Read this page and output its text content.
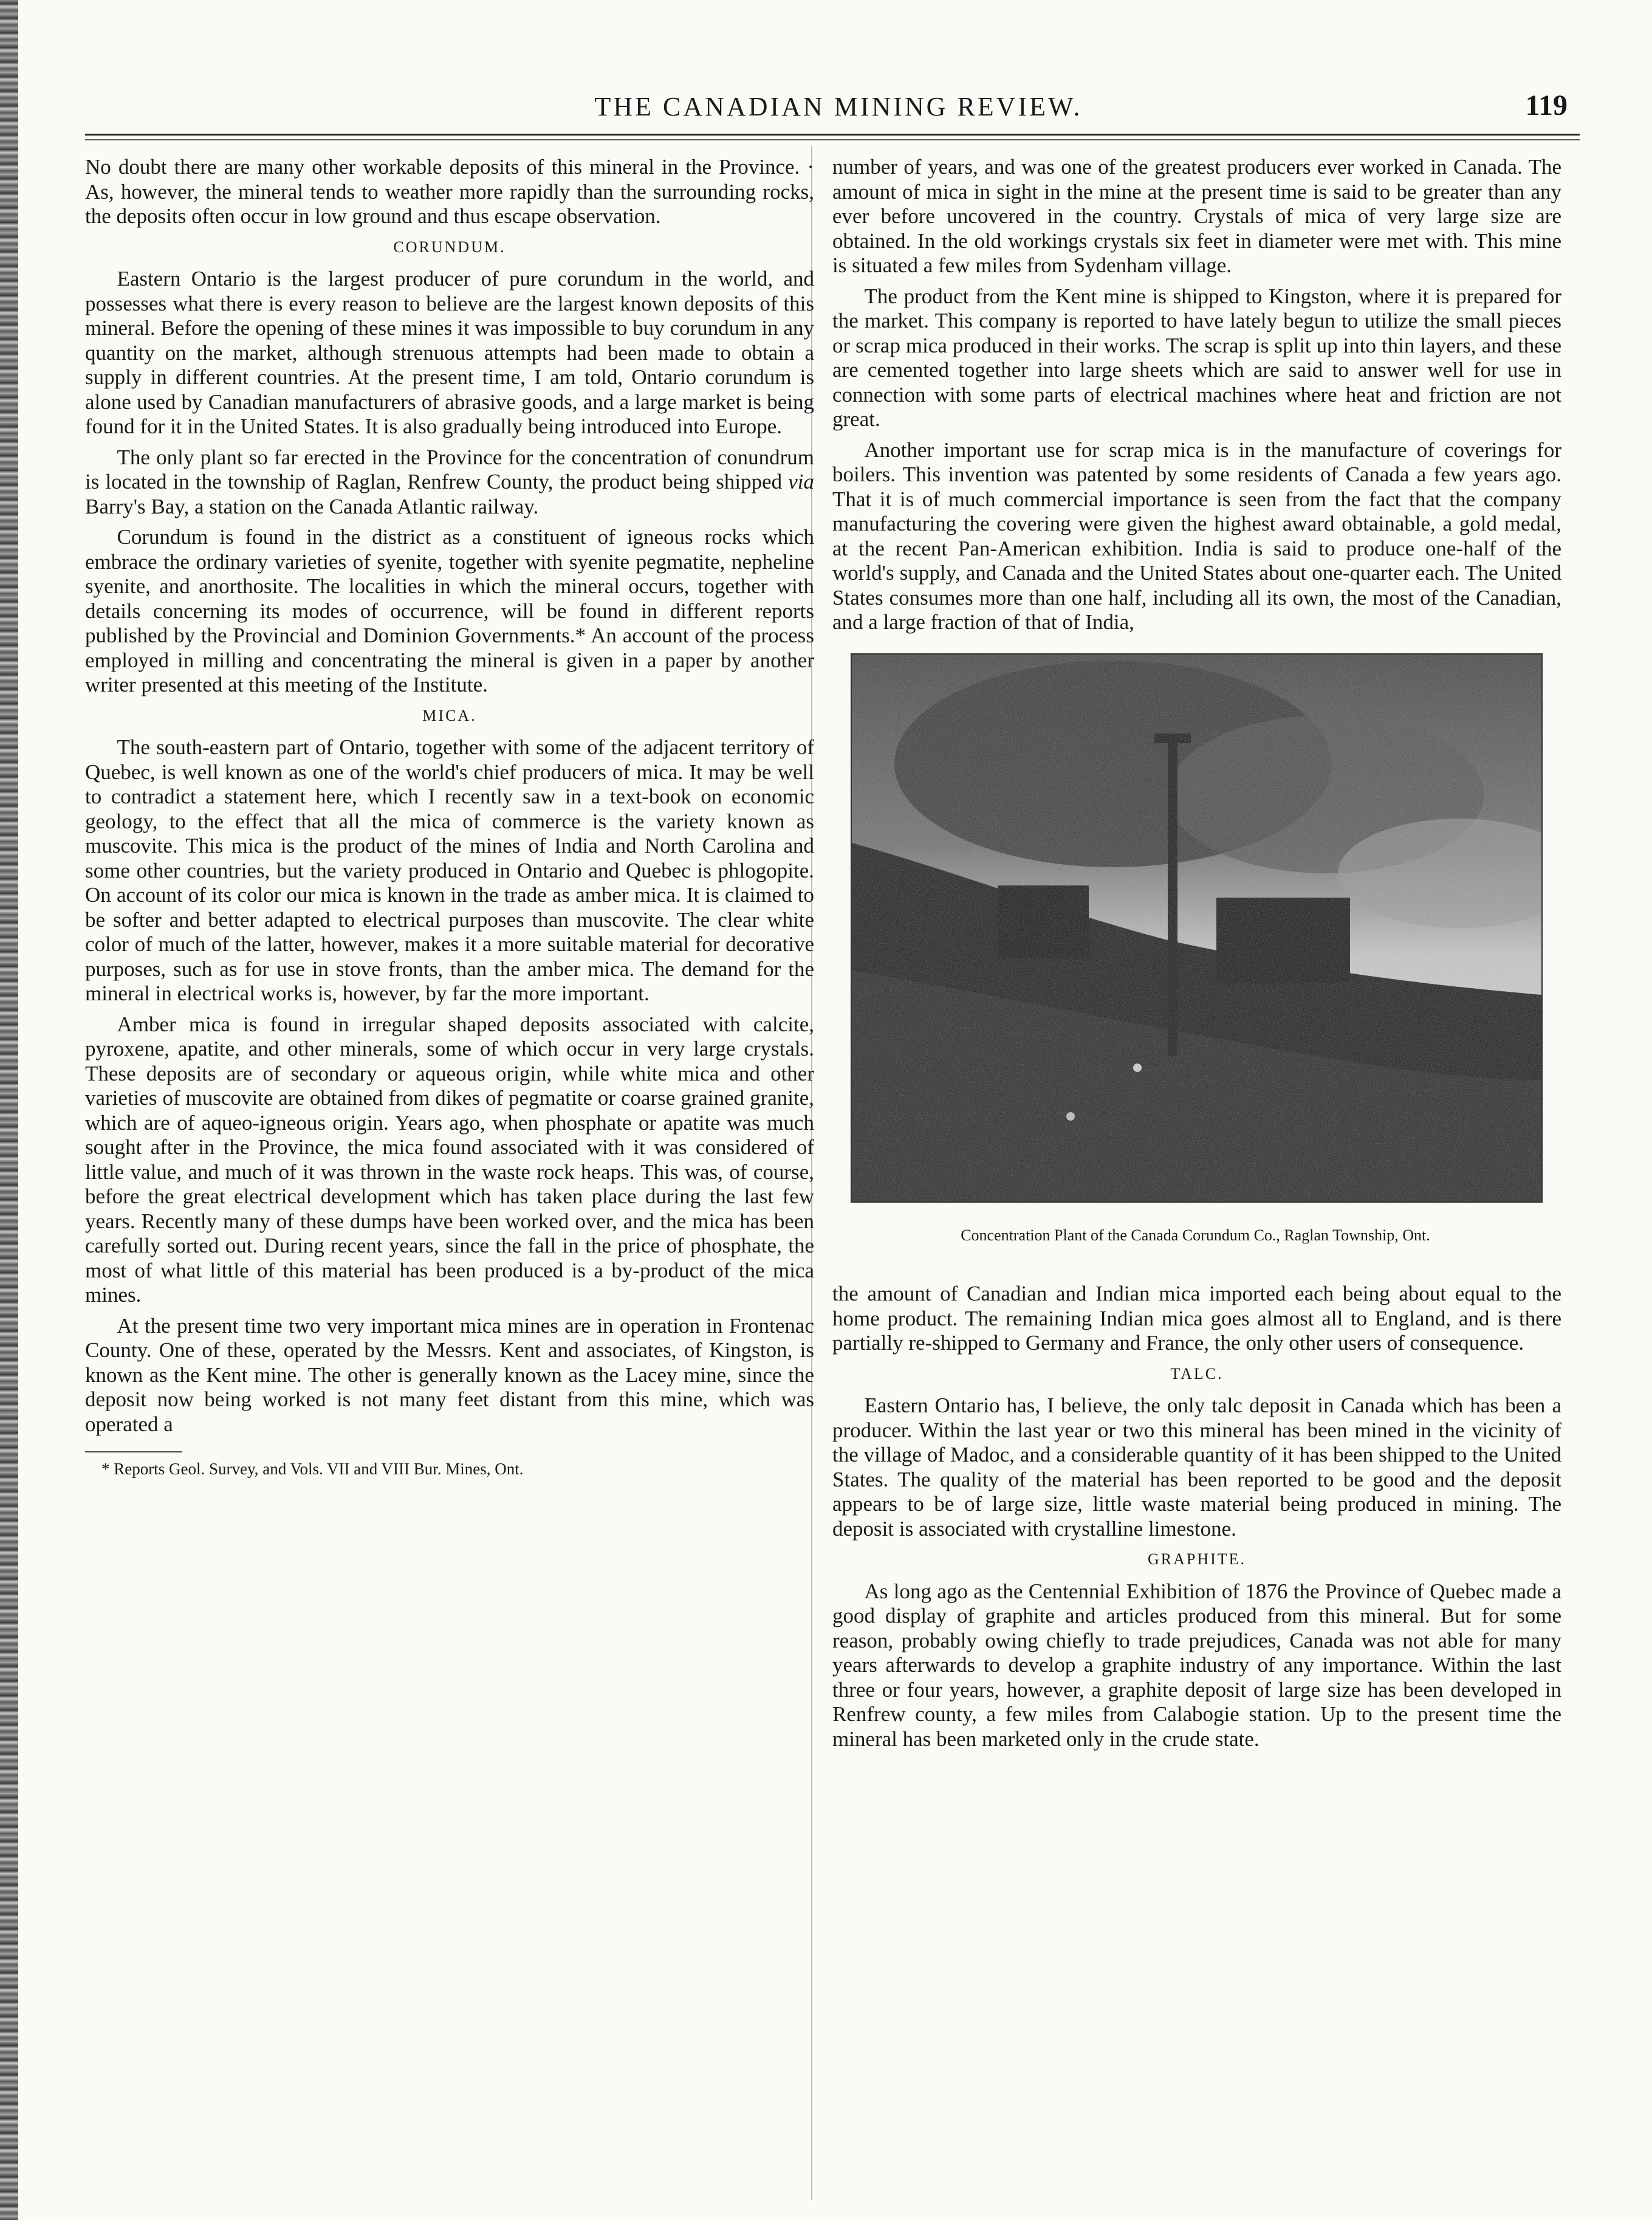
THE CANADIAN MINING REVIEW.	119

No doubt there are many other workable deposits of this mineral in the Province. · As, however, the mineral tends to weather more rapidly than the surrounding rocks, the deposits often occur in low ground and thus escape observation.

CORUNDUM.

Eastern Ontario is the largest producer of pure corundum in the world, and possesses what there is every reason to believe are the largest known deposits of this mineral. Before the opening of these mines it was impossible to buy corundum in any quantity on the market, although strenuous attempts had been made to obtain a supply in different countries. At the present time, I am told, Ontario corundum is alone used by Canadian manufacturers of abrasive goods, and a large market is being found for it in the United States. It is also gradually being introduced into Europe.

The only plant so far erected in the Province for the concentration of conundrum is located in the township of Raglan, Renfrew County, the product being shipped via Barry's Bay, a station on the Canada Atlantic railway.

Corundum is found in the district as a constituent of igneous rocks which embrace the ordinary varieties of syenite, together with syenite pegmatite, nepheline syenite, and anorthosite. The localities in which the mineral occurs, together with details concerning its modes of occurrence, will be found in different reports published by the Provincial and Dominion Governments.* An account of the process employed in milling and concentrating the mineral is given in a paper by another writer presented at this meeting of the Institute.

MICA.

The south-eastern part of Ontario, together with some of the adjacent territory of Quebec, is well known as one of the world's chief producers of mica. It may be well to contradict a statement here, which I recently saw in a text-book on economic geology, to the effect that all the mica of commerce is the variety known as muscovite. This mica is the product of the mines of India and North Carolina and some other countries, but the variety produced in Ontario and Quebec is phlogopite. On account of its color our mica is known in the trade as amber mica. It is claimed to be softer and better adapted to electrical purposes than muscovite. The clear white color of much of the latter, however, makes it a more suitable material for decorative purposes, such as for use in stove fronts, than the amber mica. The demand for the mineral in electrical works is, however, by far the more important.

Amber mica is found in irregular shaped deposits associated with calcite, pyroxene, apatite, and other minerals, some of which occur in very large crystals. These deposits are of secondary or aqueous origin, while white mica and other varieties of muscovite are obtained from dikes of pegmatite or coarse grained granite, which are of aqueo-igneous origin. Years ago, when phosphate or apatite was much sought after in the Province, the mica found associated with it was considered of little value, and much of it was thrown in the waste rock heaps. This was, of course, before the great electrical development which has taken place during the last few years. Recently many of these dumps have been worked over, and the mica has been carefully sorted out. During recent years, since the fall in the price of phosphate, the most of what little of this material has been produced is a by-product of the mica mines.

At the present time two very important mica mines are in operation in Frontenac County. One of these, operated by the Messrs. Kent and associates, of Kingston, is known as the Kent mine. The other is generally known as the Lacey mine, since the deposit now being worked is not many feet distant from this mine, which was operated a

* Reports Geol. Survey, and Vols. VII and VIII Bur. Mines, Ont.

number of years, and was one of the greatest producers ever worked in Canada. The amount of mica in sight in the mine at the present time is said to be greater than any ever before uncovered in the country. Crystals of mica of very large size are obtained. In the old workings crystals six feet in diameter were met with. This mine is situated a few miles from Sydenham village.

The product from the Kent mine is shipped to Kingston, where it is prepared for the market. This company is reported to have lately begun to utilize the small pieces or scrap mica produced in their works. The scrap is split up into thin layers, and these are cemented together into large sheets which are said to answer well for use in connection with some parts of electrical machines where heat and friction are not great.

Another important use for scrap mica is in the manufacture of coverings for boilers. This invention was patented by some residents of Canada a few years ago. That it is of much commercial importance is seen from the fact that the company manufacturing the covering were given the highest award obtainable, a gold medal, at the recent Pan-American exhibition. India is said to produce one-half of the world's supply, and Canada and the United States about one-quarter each. The United States consumes more than one half, including all its own, the most of the Canadian, and a large fraction of that of India,

Concentration Plant of the Canada Corundum Co., Raglan Township, Ont.

the amount of Canadian and Indian mica imported each being about equal to the home product. The remaining Indian mica goes almost all to England, and is there partially re-shipped to Germany and France, the only other users of consequence.

TALC.

Eastern Ontario has, I believe, the only talc deposit in Canada which has been a producer. Within the last year or two this mineral has been mined in the vicinity of the village of Madoc, and a considerable quantity of it has been shipped to the United States. The quality of the material has been reported to be good and the deposit appears to be of large size, little waste material being produced in mining. The deposit is associated with crystalline limestone.

GRAPHITE.

As long ago as the Centennial Exhibition of 1876 the Province of Quebec made a good display of graphite and articles produced from this mineral. But for some reason, probably owing chiefly to trade prejudices, Canada was not able for many years afterwards to develop a graphite industry of any importance. Within the last three or four years, however, a graphite deposit of large size has been developed in Renfrew county, a few miles from Calabogie station. Up to the present time the mineral has been marketed only in the crude state.
